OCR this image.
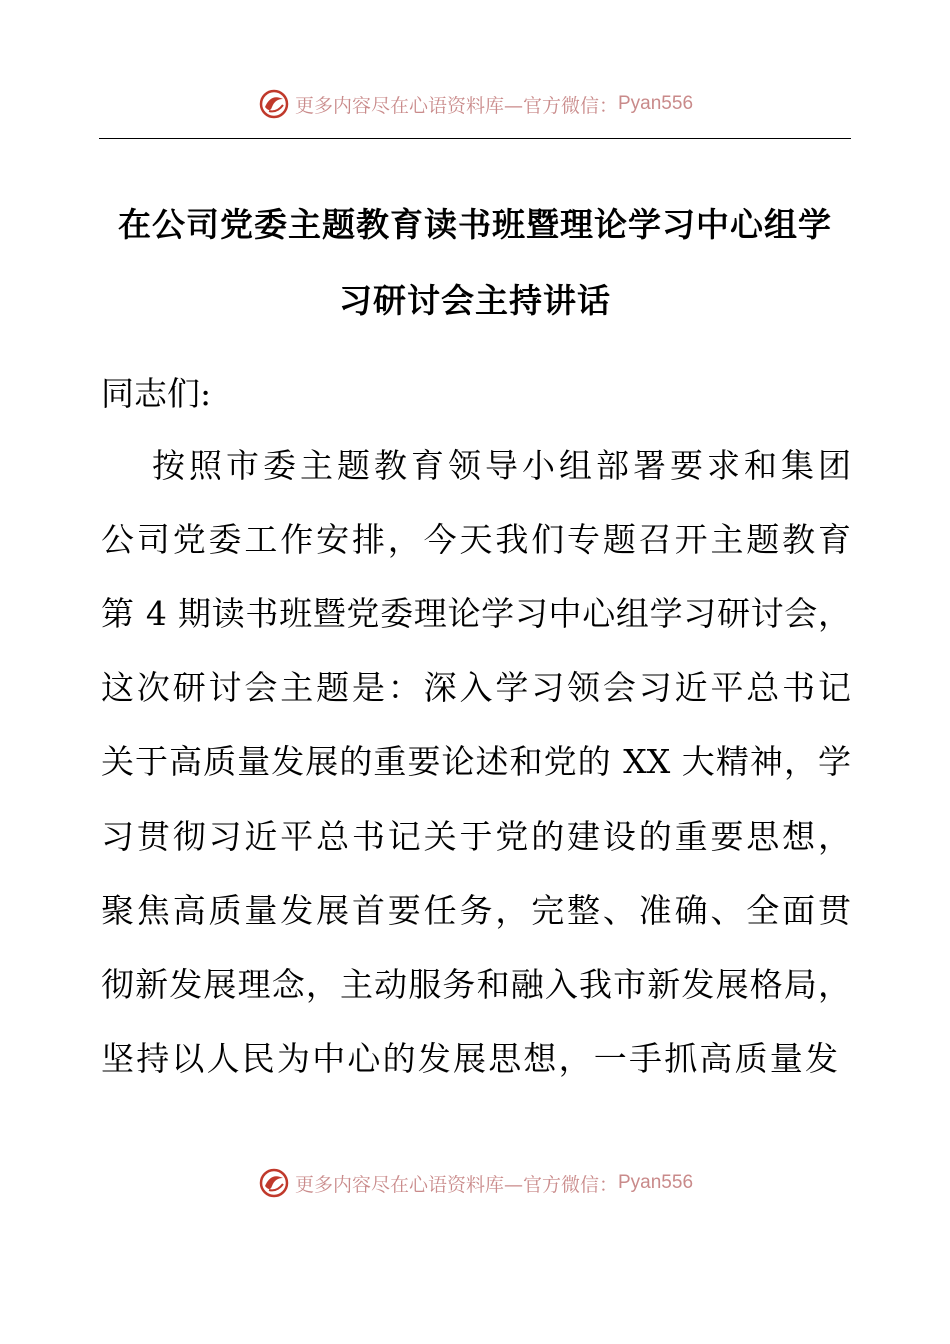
更多内容尽在心语资料库—官方微信： Pyan556
在公司党委主题教育读书班暨理论学习中心组学
习研讨会主持讲话
同志们:
按照市委主题教育领导小组部署要求和集团
公司党委工作安排，今天我们专题召开主题教育
第 4 期读书班暨党委理论学习中心组学习研讨会，
这次研讨会主题是：深入学习领会习近平总书记
关于高质量发展的重要论述和党的 XX 大精神，学
习贯彻习近平总书记关于党的建设的重要思想，
聚焦高质量发展首要任务，完整、准确、全面贯
彻新发展理念，主动服务和融入我市新发展格局，
坚持以人民为中心的发展思想，一手抓高质量发
更多内容尽在心语资料库—官方微信： Pyan556
